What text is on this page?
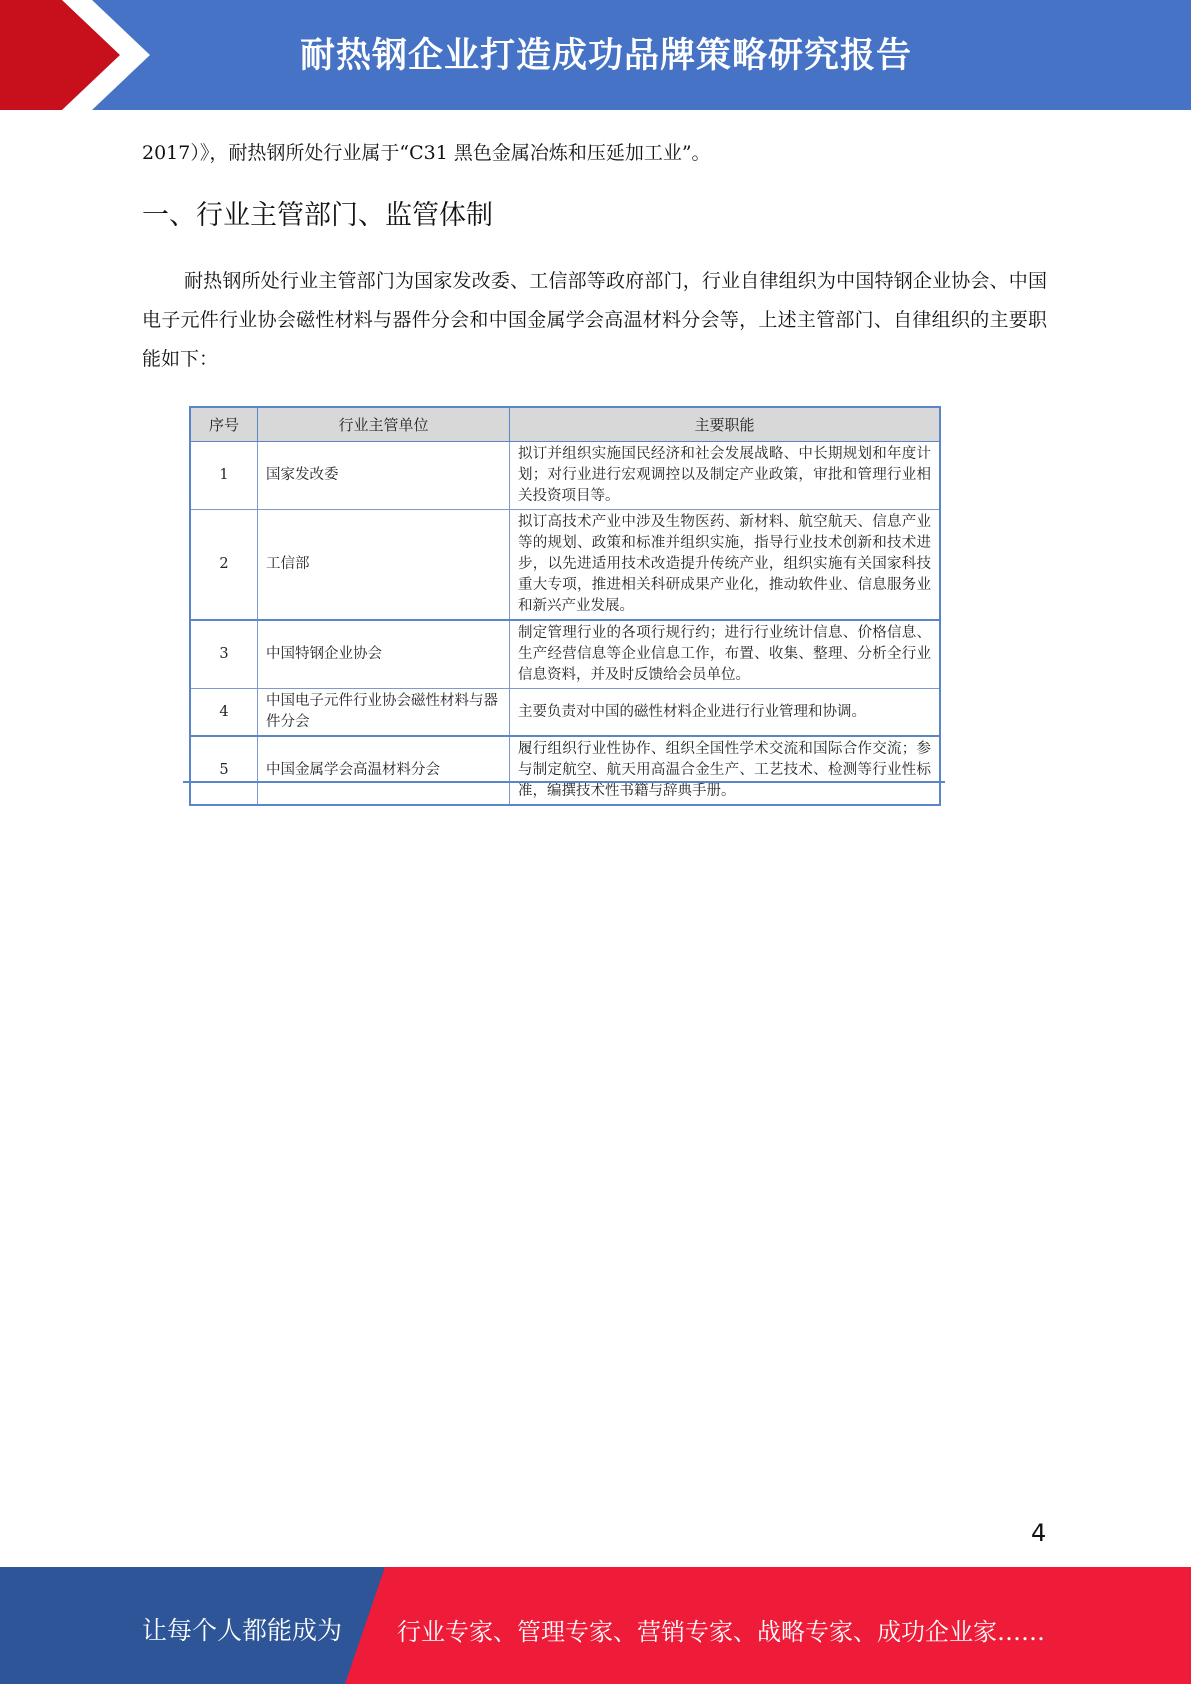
耐热钢企业打造成功品牌策略研究报告
2017）》，耐热钢所处行业属于“C31 黑色金属冶炼和压延加工业”。
一、行业主管部门、监管体制
耐热钢所处行业主管部门为国家发改委、工信部等政府部门，行业自律组织为中国特钢企业协会、中国电子元件行业协会磁性材料与器件分会和中国金属学会高温材料分会等，上述主管部门、自律组织的主要职能如下：
序号	行业主管单位	主要职能
1	国家发改委	拟订并组织实施国民经济和社会发展战略、中长期规划和年度计划；对行业进行宏观调控以及制定产业政策，审批和管理行业相关投资项目等。
2	工信部	拟订高技术产业中涉及生物医药、新材料、航空航天、信息产业等的规划、政策和标准并组织实施，指导行业技术创新和技术进步，以先进适用技术改造提升传统产业，组织实施有关国家科技重大专项，推进相关科研成果产业化，推动软件业、信息服务业和新兴产业发展。
3	中国特钢企业协会	制定管理行业的各项行规行约；进行行业统计信息、价格信息、生产经营信息等企业信息工作，布置、收集、整理、分析全行业信息资料，并及时反馈给会员单位。
4	中国电子元件行业协会磁性材料与器件分会	主要负责对中国的磁性材料企业进行行业管理和协调。
5	中国金属学会高温材料分会	履行组织行业性协作、组织全国性学术交流和国际合作交流；参与制定航空、航天用高温合金生产、工艺技术、检测等行业性标准，编撰技术性书籍与辞典手册。
4
让每个人都能成为 行业专家、管理专家、营销专家、战略专家、成功企业家……
